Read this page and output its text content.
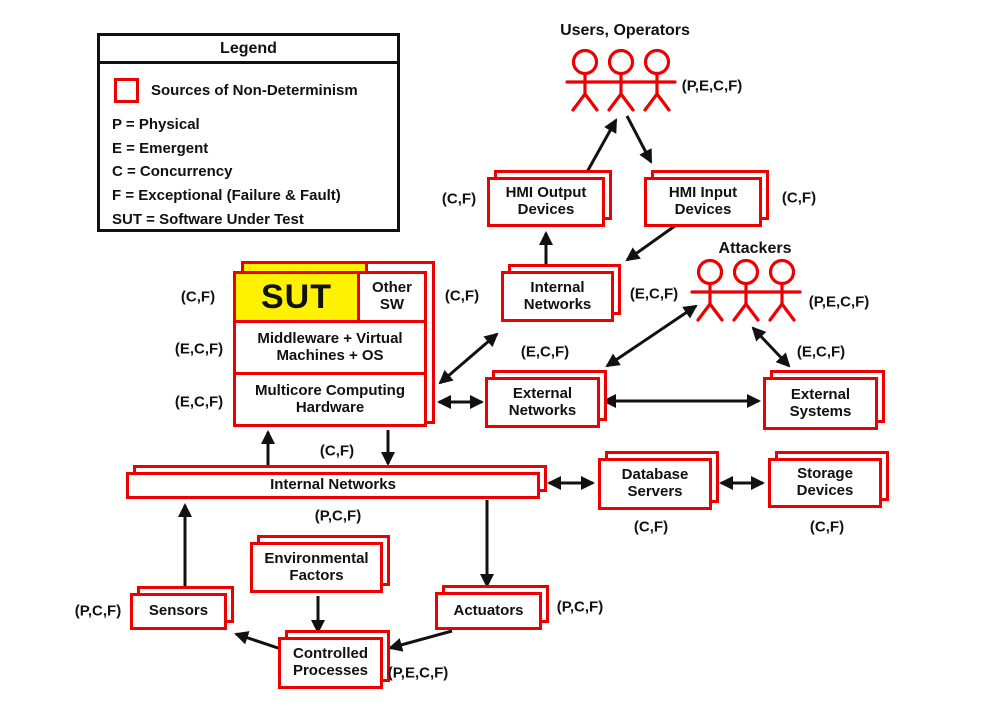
Legend
Sources of Non-Determinism
P = Physical
E = Emergent
C = Concurrency
F = Exceptional (Failure & Fault)
SUT = Software Under Test
Users, Operators
(P,E,C,F)
Attackers
(P,E,C,F)
HMI Output Devices
(C,F)	HMI Input Devices
(C,F)
SUT	Other SW
Middleware + Virtual Machines + OS
Multicore Computing Hardware
(C,F)
(E,C,F)
(E,C,F)
Internal Networks
(C,F)	(E,C,F)
External Networks
(E,C,F)
External Systems
(E,C,F)
Internal Networks
(C,F)
(P,C,F)
Database Servers
(C,F)
Storage Devices
(C,F)
Environmental Factors
Sensors
(P,C,F)	Actuators	(P,C,F)
Controlled Processes	(P,E,C,F)
